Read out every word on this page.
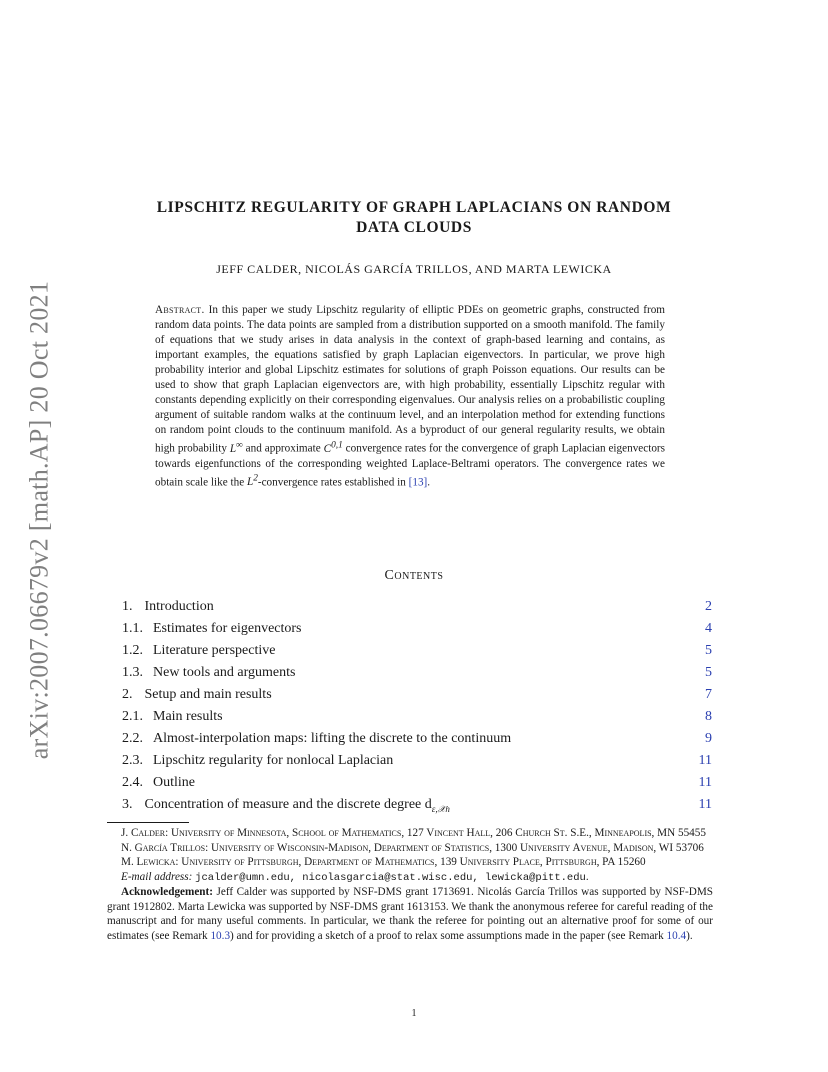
arXiv:2007.06679v2 [math.AP] 20 Oct 2021
LIPSCHITZ REGULARITY OF GRAPH LAPLACIANS ON RANDOM
DATA CLOUDS
JEFF CALDER, NICOLÁS GARCÍA TRILLOS, AND MARTA LEWICKA
Abstract. In this paper we study Lipschitz regularity of elliptic PDEs on geometric graphs, constructed from random data points. The data points are sampled from a distribution supported on a smooth manifold. The family of equations that we study arises in data analysis in the context of graph-based learning and contains, as important examples, the equations satisfied by graph Laplacian eigenvectors. In particular, we prove high probability interior and global Lipschitz estimates for solutions of graph Poisson equations. Our results can be used to show that graph Laplacian eigenvectors are, with high probability, essentially Lipschitz regular with constants depending explicitly on their corresponding eigenvalues. Our analysis relies on a probabilistic coupling argument of suitable random walks at the continuum level, and an interpolation method for extending functions on random point clouds to the continuum manifold. As a byproduct of our general regularity results, we obtain high probability L∞ and approximate C$^{0,1}$ convergence rates for the convergence of graph Laplacian eigenvectors towards eigenfunctions of the corresponding weighted Laplace-Beltrami operators. The convergence rates we obtain scale like the $L^2$-convergence rates established in [13].
Contents
1. Introduction	2
1.1. Estimates for eigenvectors	4
1.2. Literature perspective	5
1.3. New tools and arguments	5
2. Setup and main results	7
2.1. Main results	8
2.2. Almost-interpolation maps: lifting the discrete to the continuum	9
2.3. Lipschitz regularity for nonlocal Laplacian	11
2.4. Outline	11
3. Concentration of measure and the discrete degree $d_{\varepsilon,𝒳n}$	11

J. Calder: University of Minnesota, School of Mathematics, 127 Vincent Hall, 206 Church St. S.E., Minneapolis, MN 55455

N. García Trillos: University of Wisconsin-Madison, Department of Statistics, 1300 University Avenue, Madison, WI 53706

M. Lewicka: University of Pittsburgh, Department of Mathematics, 139 University Place, Pittsburgh, PA 15260

E-mail address: jcalder@umn.edu, nicolasgarcia@stat.wisc.edu, lewicka@pitt.edu.

Acknowledgement: Jeff Calder was supported by NSF-DMS grant 1713691. Nicolás García Trillos was supported by NSF-DMS grant 1912802. Marta Lewicka was supported by NSF-DMS grant 1613153. We thank the anonymous referee for careful reading of the manuscript and for many useful comments. In particular, we thank the referee for pointing out an alternative proof for some of our estimates (see Remark 10.3) and for providing a sketch of a proof to relax some assumptions made in the paper (see Remark 10.4).

1
